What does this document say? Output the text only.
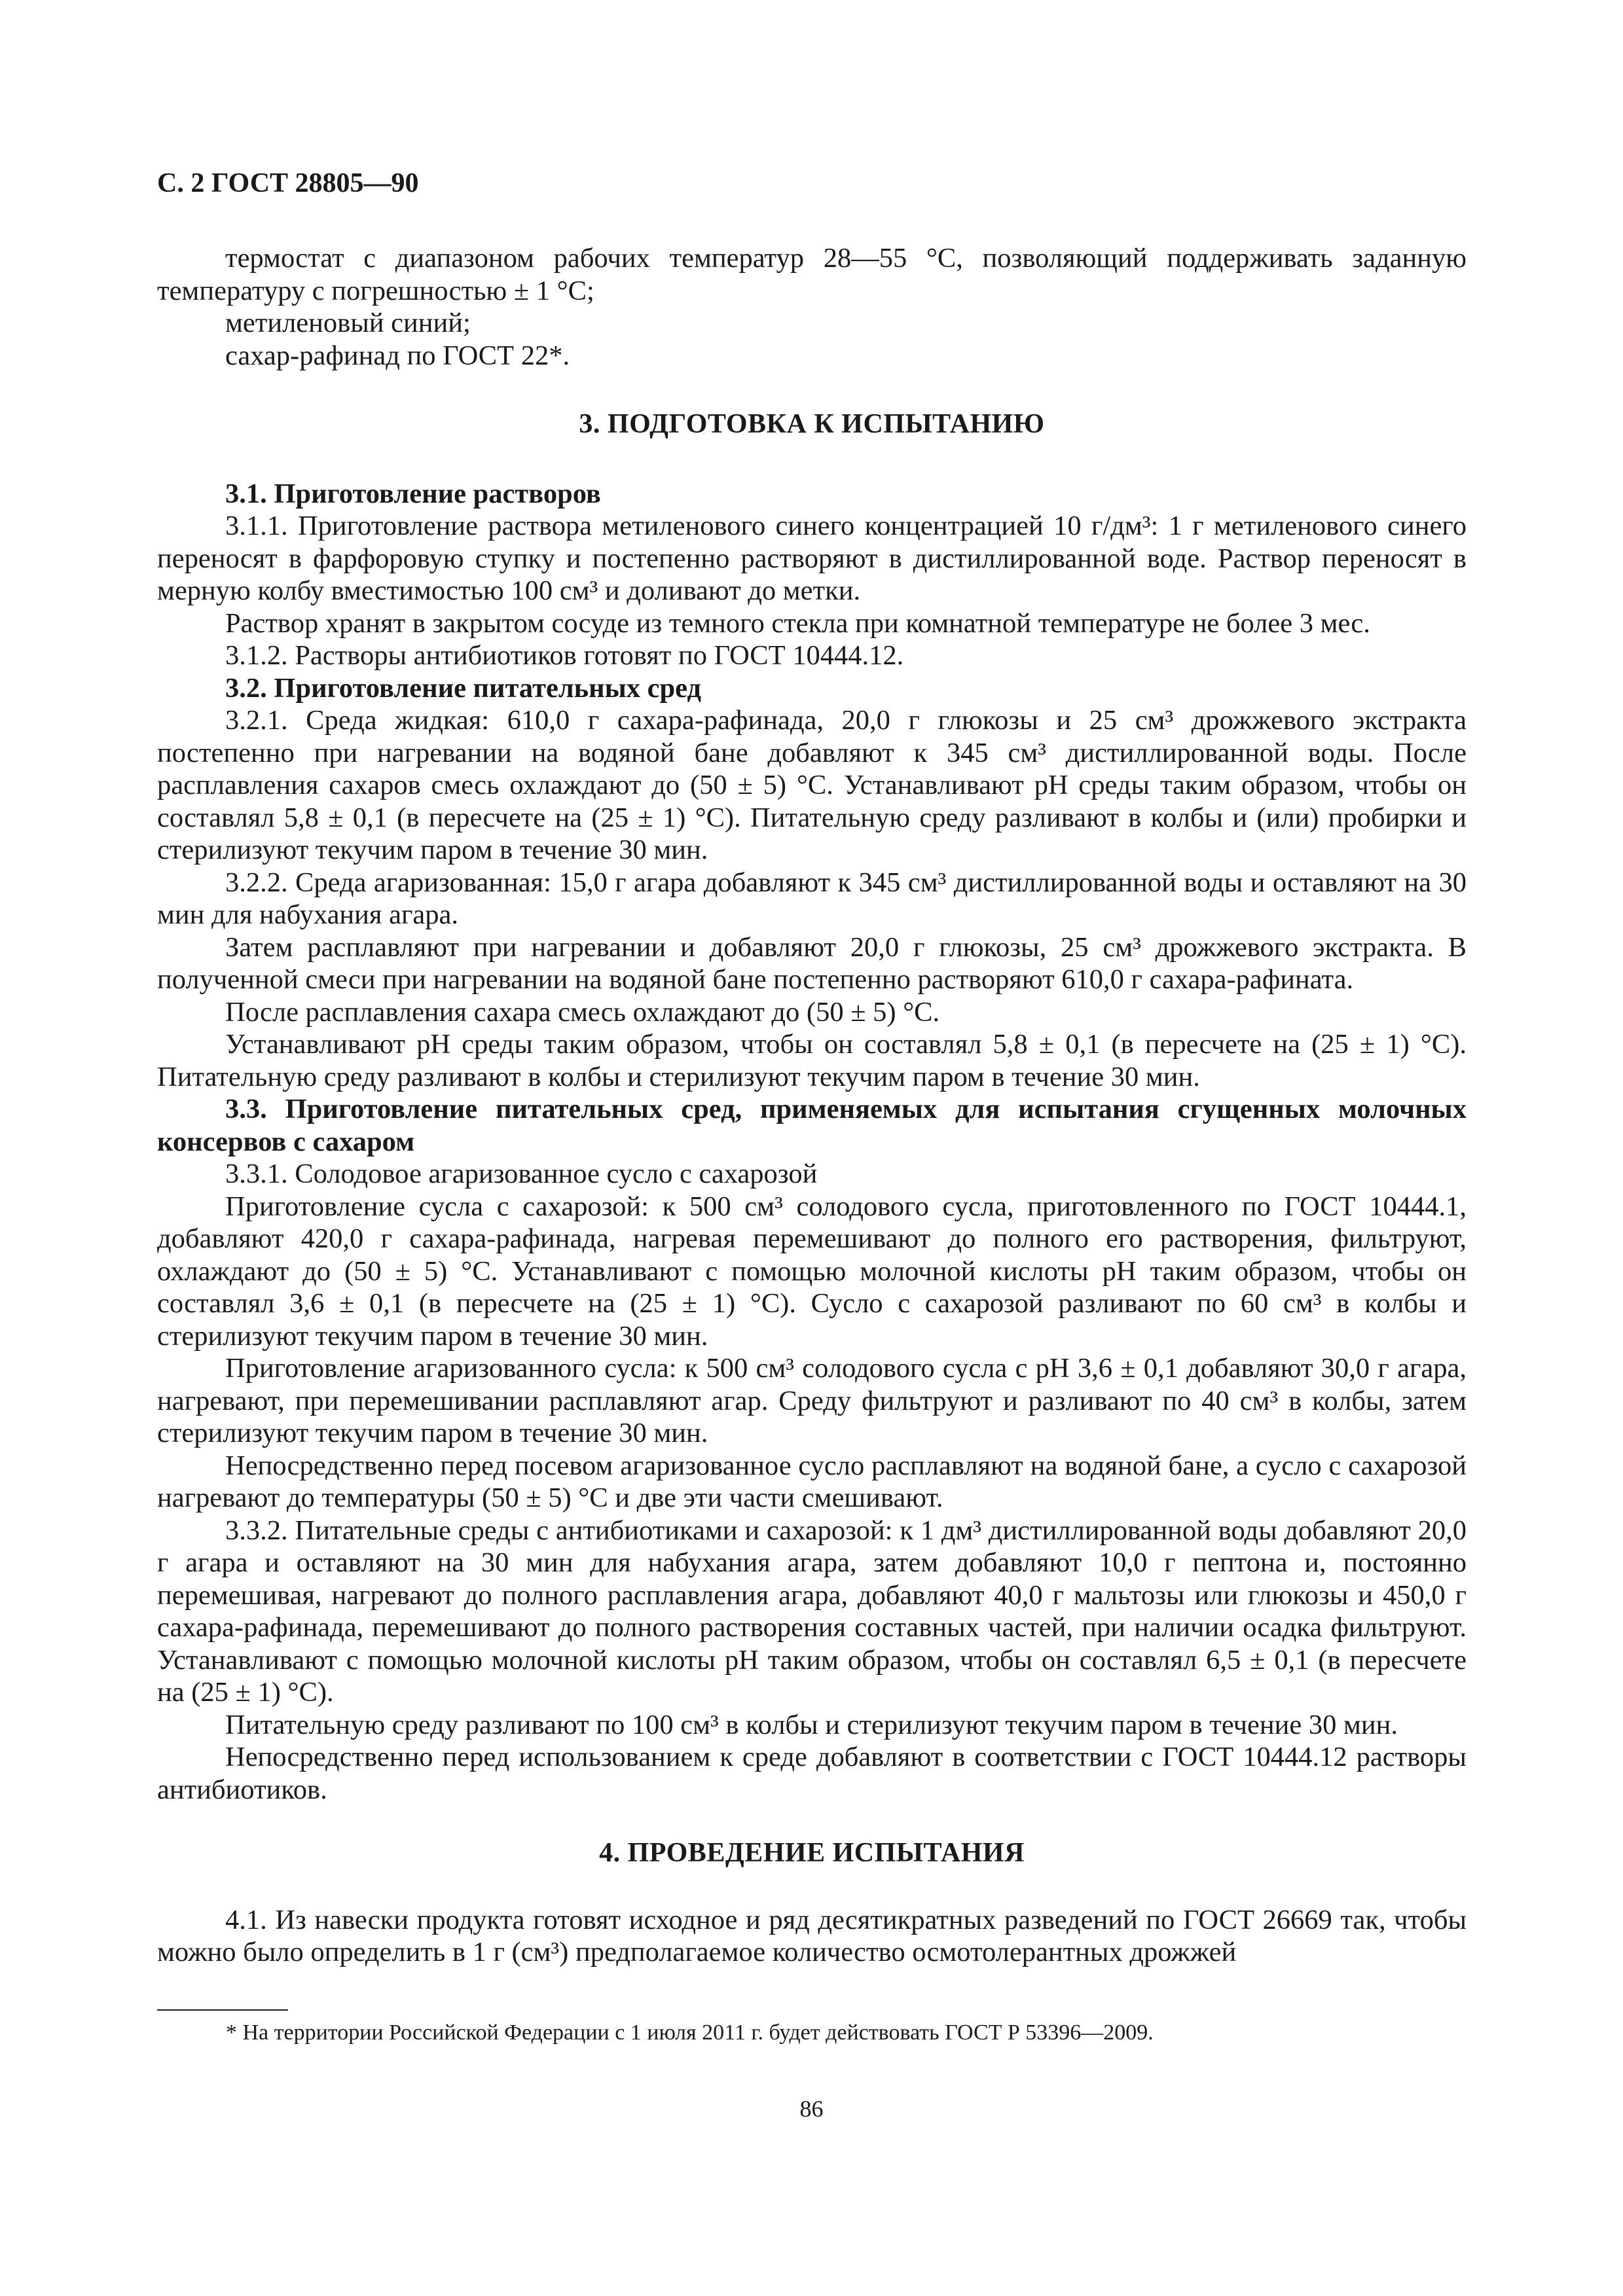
С. 2 ГОСТ 28805—90

термостат с диапазоном рабочих температур 28—55 °С, позволяющий поддерживать заданную температуру с погрешностью ± 1 °С;

метиленовый синий;

сахар-рафинад по ГОСТ 22*.

3. ПОДГОТОВКА К ИСПЫТАНИЮ

3.1. Приготовление растворов

3.1.1. Приготовление раствора метиленового синего концентрацией 10 г/дм³: 1 г метиленового синего переносят в фарфоровую ступку и постепенно растворяют в дистиллированной воде. Раствор переносят в мерную колбу вместимостью 100 см³ и доливают до метки.

Раствор хранят в закрытом сосуде из темного стекла при комнатной температуре не более 3 мес.

3.1.2. Растворы антибиотиков готовят по ГОСТ 10444.12.

3.2. Приготовление питательных сред

3.2.1. Среда жидкая: 610,0 г сахара-рафинада, 20,0 г глюкозы и 25 см³ дрожжевого экстракта постепенно при нагревании на водяной бане добавляют к 345 см³ дистиллированной воды. После расплавления сахаров смесь охлаждают до (50 ± 5) °С. Устанавливают рН среды таким образом, чтобы он составлял 5,8 ± 0,1 (в пересчете на (25 ± 1) °С). Питательную среду разливают в колбы и (или) пробирки и стерилизуют текучим паром в течение 30 мин.

3.2.2. Среда агаризованная: 15,0 г агара добавляют к 345 см³ дистиллированной воды и оставляют на 30 мин для набухания агара.

Затем расплавляют при нагревании и добавляют 20,0 г глюкозы, 25 см³ дрожжевого экстракта. В полученной смеси при нагревании на водяной бане постепенно растворяют 610,0 г сахара-рафината.

После расплавления сахара смесь охлаждают до (50 ± 5) °С.

Устанавливают рН среды таким образом, чтобы он составлял 5,8 ± 0,1 (в пересчете на (25 ± 1) °С). Питательную среду разливают в колбы и стерилизуют текучим паром в течение 30 мин.

3.3. Приготовление питательных сред, применяемых для испытания сгущенных молочных консервов с сахаром

3.3.1. Солодовое агаризованное сусло с сахарозой

Приготовление сусла с сахарозой: к 500 см³ солодового сусла, приготовленного по ГОСТ 10444.1, добавляют 420,0 г сахара-рафинада, нагревая перемешивают до полного его растворения, фильтруют, охлаждают до (50 ± 5) °С. Устанавливают с помощью молочной кислоты рН таким образом, чтобы он составлял 3,6 ± 0,1 (в пересчете на (25 ± 1) °С). Сусло с сахарозой разливают по 60 см³ в колбы и стерилизуют текучим паром в течение 30 мин.

Приготовление агаризованного сусла: к 500 см³ солодового сусла с рН 3,6 ± 0,1 добавляют 30,0 г агара, нагревают, при перемешивании расплавляют агар. Среду фильтруют и разливают по 40 см³ в колбы, затем стерилизуют текучим паром в течение 30 мин.

Непосредственно перед посевом агаризованное сусло расплавляют на водяной бане, а сусло с сахарозой нагревают до температуры (50 ± 5) °С и две эти части смешивают.

3.3.2. Питательные среды с антибиотиками и сахарозой: к 1 дм³ дистиллированной воды добавляют 20,0 г агара и оставляют на 30 мин для набухания агара, затем добавляют 10,0 г пептона и, постоянно перемешивая, нагревают до полного расплавления агара, добавляют 40,0 г мальтозы или глюкозы и 450,0 г сахара-рафинада, перемешивают до полного растворения составных частей, при наличии осадка фильтруют. Устанавливают с помощью молочной кислоты рН таким образом, чтобы он составлял 6,5 ± 0,1 (в пересчете на (25 ± 1) °С).

Питательную среду разливают по 100 см³ в колбы и стерилизуют текучим паром в течение 30 мин.

Непосредственно перед использованием к среде добавляют в соответствии с ГОСТ 10444.12 растворы антибиотиков.

4. ПРОВЕДЕНИЕ ИСПЫТАНИЯ

4.1. Из навески продукта готовят исходное и ряд десятикратных разведений по ГОСТ 26669 так, чтобы можно было определить в 1 г (см³) предполагаемое количество осмотолерантных дрожжей

* На территории Российской Федерации с 1 июля 2011 г. будет действовать ГОСТ Р 53396—2009.
86
